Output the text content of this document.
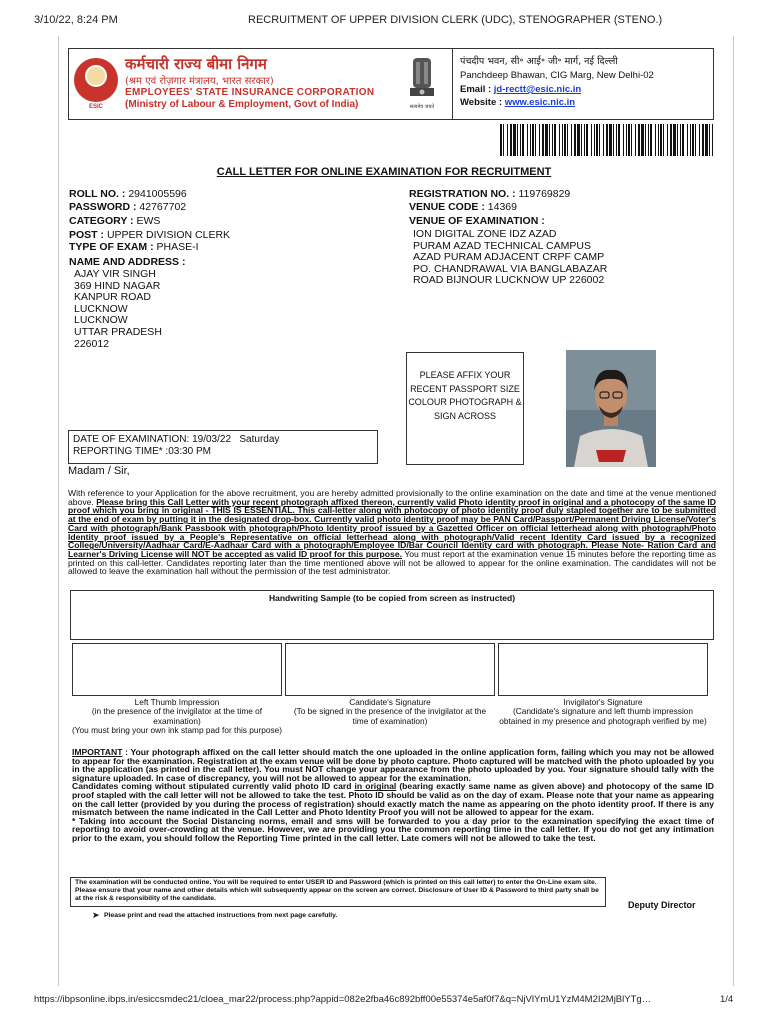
3/10/22, 8:24 PM	RECRUITMENT OF UPPER DIVISION CLERK (UDC), STENOGRAPHER (STENO.)
ESIC
कर्मचारी राज्य बीमा निगम
(श्रम एवं रोज़गार मंत्रालय, भारत सरकार)
EMPLOYEES' STATE INSURANCE CORPORATION
(Ministry of Labour & Employment, Govt of India)	सत्यमेव जयते
पंचदीप भवन, सी॰ आई॰ जी॰ मार्ग, नई दिल्ली
Panchdeep Bhawan, CIG Marg, New Delhi-02
Email : jd-rectt@esic.nic.in
Website : www.esic.nic.in
CALL LETTER FOR ONLINE EXAMINATION FOR RECRUITMENT
ROLL NO. : 2941005596
PASSWORD : 42767702
CATEGORY : EWS
POST : UPPER DIVISION CLERK
TYPE OF EXAM : PHASE-I
NAME AND ADDRESS :
AJAY VIR SINGH
369 HIND NAGAR
KANPUR ROAD
LUCKNOW
LUCKNOW
UTTAR PRADESH
226012
REGISTRATION NO. : 119769829
VENUE CODE : 14369
VENUE OF EXAMINATION :
ION DIGITAL ZONE IDZ AZAD
PURAM AZAD TECHNICAL CAMPUS
AZAD PURAM ADJACENT CRPF CAMP
PO. CHANDRAWAL VIA BANGLABAZAR
ROAD BIJNOUR LUCKNOW UP 226002
PLEASE AFFIX YOUR RECENT PASSPORT SIZE COLOUR PHOTOGRAPH & SIGN ACROSS
DATE OF EXAMINATION: 19/03/22 Saturday
REPORTING TIME* :03:30 PM
Madam / Sir,
With reference to your Application for the above recruitment, you are hereby admitted provisionally to the online examination on the date and time at the venue mentioned above. Please bring this Call Letter with your recent photograph affixed thereon, currently valid Photo identity proof in original and a photocopy of the same ID proof which you bring in original - THIS IS ESSENTIAL. This call-letter along with photocopy of photo identity proof duly stapled together are to be submitted at the end of exam by putting it in the designated drop-box. Currently valid photo identity proof may be PAN Card/Passport/Permanent Driving License/Voter's Card with photograph/Bank Passbook with photograph/Photo Identity proof issued by a Gazetted Officer on official letterhead along with photograph/Photo Identity proof issued by a People's Representative on official letterhead along with photograph/Valid recent Identity Card issued by a recognized College/University/Aadhaar Card/E-Aadhaar Card with a photograph/Employee ID/Bar Council Identity card with photograph. Please Note- Ration Card and Learner's Driving License will NOT be accepted as valid ID proof for this purpose. You must report at the examination venue 15 minutes before the reporting time as printed on this call-letter. Candidates reporting later than the time mentioned above will not be allowed to appear for the online examination. The candidates will not be allowed to leave the examination hall without the permission of the test administrator.
Handwriting Sample (to be copied from screen as instructed)
Left Thumb Impression
(in the presence of the invigilator at the time of examination)
(You must bring your own ink stamp pad for this purpose)
Candidate's Signature
(To be signed in the presence of the invigilator at the time of examination)
Invigilator's Signature
(Candidate's signature and left thumb impression obtained in my presence and photograph verified by me)
IMPORTANT : Your photograph affixed on the call letter should match the one uploaded in the online application form, failing which you may not be allowed to appear for the examination. Registration at the exam venue will be done by photo capture. Photo captured will be matched with the photo uploaded by you in the application (as printed in the call letter). You must NOT change your appearance from the photo uploaded by you. Your signature should tally with the signature uploaded. In case of discrepancy, you will not be allowed to appear for the examination.
Candidates coming without stipulated currently valid photo ID card in original (bearing exactly same name as given above) and photocopy of the same ID proof stapled with the call letter will not be allowed to take the test. Photo ID should be valid as on the day of exam. Please note that your name as appearing on the call letter (provided by you during the process of registration) should exactly match the name as appearing on the photo identity proof. If there is any mismatch between the name indicated in the Call Letter and Photo Identity Proof you will not be allowed to appear for the exam.
* Taking into account the Social Distancing norms, email and sms will be forwarded to you a day prior to the examination specifying the exact time of reporting to avoid over-crowding at the venue. However, we are providing you the common reporting time in the call letter. If you do not get any intimation prior to the exam, you should follow the Reporting Time printed in the call letter. Late comers will not be allowed to take the test.
The examination will be conducted online. You will be required to enter USER ID and Password (which is printed on this call letter) to enter the On-Line exam site. Please ensure that your name and other details which will subsequently appear on the screen are correct. Disclosure of User ID & Password to third party shall be at the risk & responsibility of the candidate.
Deputy Director
➤ Please print and read the attached instructions from next page carefully.
https://ibpsonline.ibps.in/esiccsmdec21/cloea_mar22/process.php?appid=082e2fba46c892bff00e55374e5af0f7&q=NjVlYmU1YzM4M2I2MjBlYTg…	1/4
